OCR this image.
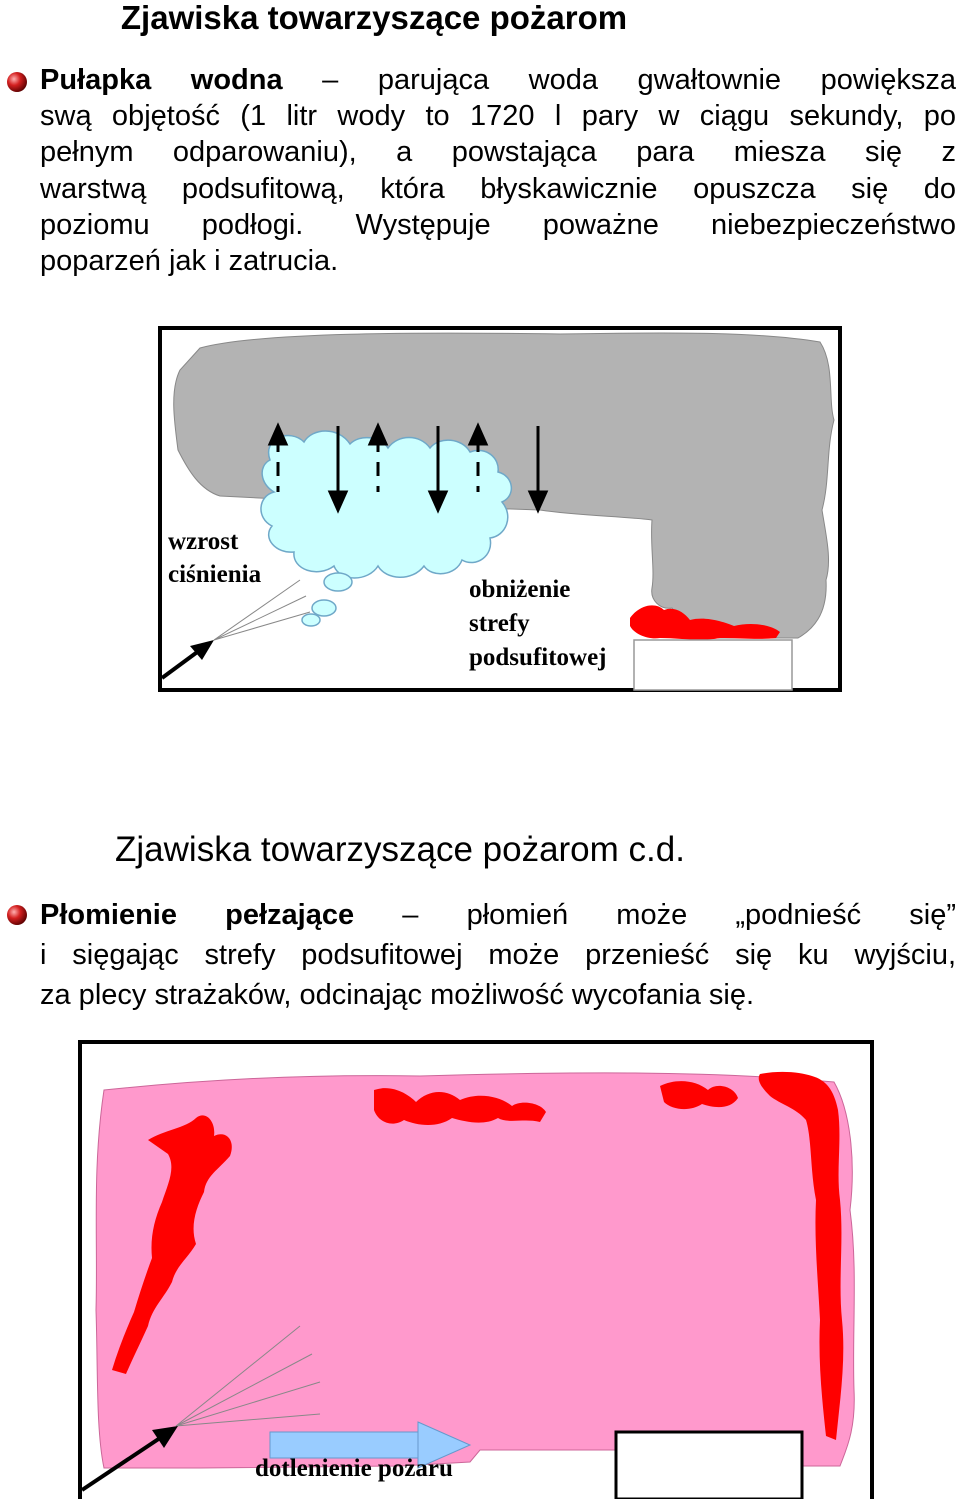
Zjawiska towarzyszące pożarom
Pułapka wodna – parująca woda gwałtownie powiększa
swą objętość (1 litr wody to 1720 l pary w ciągu sekundy, po
pełnym odparowaniu), a powstająca para miesza się z
warstwą podsufitową, która błyskawicznie opuszcza się do
poziomu podłogi. Występuje poważne niebezpieczeństwo
poparzeń jak i zatrucia.
wzrost
ciśnienia
obniżenie
strefy
podsufitowej
Zjawiska towarzyszące pożarom c.d.
Płomienie pełzające – płomień może „podnieść się”
i sięgając strefy podsufitowej może przenieść się ku wyjściu,
za plecy strażaków, odcinając możliwość wycofania się.
dotlenienie pożaru
